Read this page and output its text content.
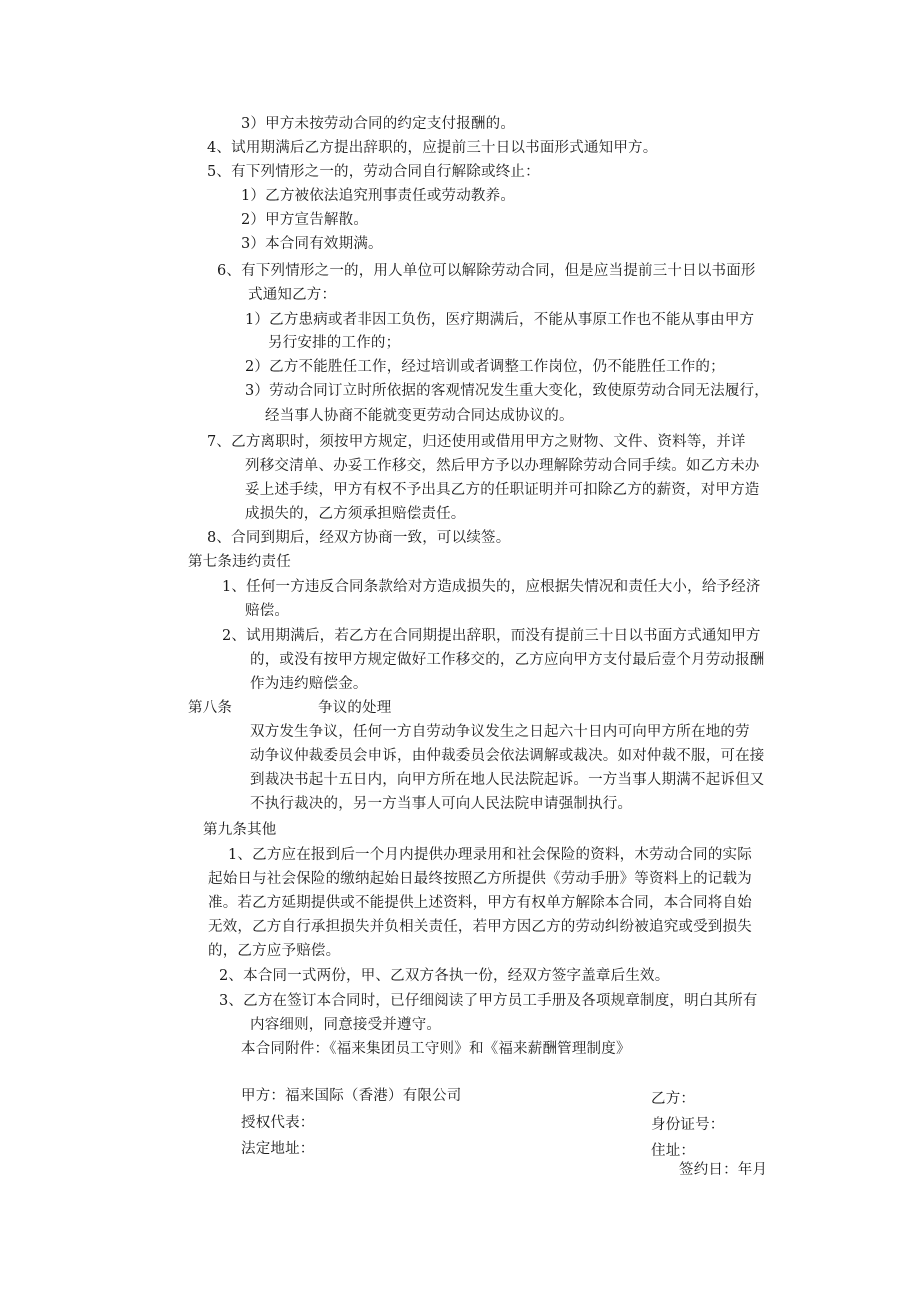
3）甲方未按劳动合同的约定支付报酬的。
4、试用期满后乙方提出辞职的，应提前三十日以书面形式通知甲方。
5、有下列情形之一的，劳动合同自行解除或终止：
1）乙方被依法追究刑事责任或劳动教养。
2）甲方宣告解散。
3）本合同有效期满。
6、有下列情形之一的，用人单位可以解除劳动合同，但是应当提前三十日以书面形
式通知乙方：
1）乙方患病或者非因工负伤，医疗期满后，不能从事原工作也不能从事由甲方
另行安排的工作的；
2）乙方不能胜任工作，经过培训或者调整工作岗位，仍不能胜任工作的；
3）劳动合同订立时所依据的客观情况发生重大变化，致使原劳动合同无法履行，
经当事人协商不能就变更劳动合同达成协议的。
7、乙方离职时，须按甲方规定，归还使用或借用甲方之财物、文件、资料等，并详
列移交清单、办妥工作移交，然后甲方予以办理解除劳动合同手续。如乙方未办
妥上述手续，甲方有权不予出具乙方的任职证明并可扣除乙方的薪资，对甲方造
成损失的，乙方须承担赔偿责任。
8、合同到期后，经双方协商一致，可以续签。
第七条违约责任
1、任何一方违反合同条款给对方造成损失的，应根据失情况和责任大小，给予经济
赔偿。
2、试用期满后，若乙方在合同期提出辞职，而没有提前三十日以书面方式通知甲方
的，或没有按甲方规定做好工作移交的，乙方应向甲方支付最后壹个月劳动报酬
作为违约赔偿金。
第八条	争议的处理
双方发生争议，任何一方自劳动争议发生之日起六十日内可向甲方所在地的劳
动争议仲裁委员会申诉，由仲裁委员会依法调解或裁决。如对仲裁不服，可在接
到裁决书起十五日内，向甲方所在地人民法院起诉。一方当事人期满不起诉但又
不执行裁决的，另一方当事人可向人民法院申请强制执行。
第九条其他
1、乙方应在报到后一个月内提供办理录用和社会保险的资料，木劳动合同的实际
起始日与社会保险的缴纳起始日最终按照乙方所提供《劳动手册》等资料上的记载为
准。若乙方延期提供或不能提供上述资料，甲方有权单方解除本合同，本合同将自始
无效，乙方自行承担损失并负相关责任，若甲方因乙方的劳动纠纷被追究或受到损失
的，乙方应予赔偿。
2、本合同一式两份，甲、乙双方各执一份，经双方签字盖章后生效。
3、乙方在签订本合同时，已仔细阅读了甲方员工手册及各项规章制度，明白其所有
内容细则，同意接受并遵守。
本合同附件：《福来集团员工守则》和《福来薪酬管理制度》
甲方：福来国际（香港）有限公司
授权代表：
法定地址：
乙方：
身份证号：
住址：
签约日：年月
